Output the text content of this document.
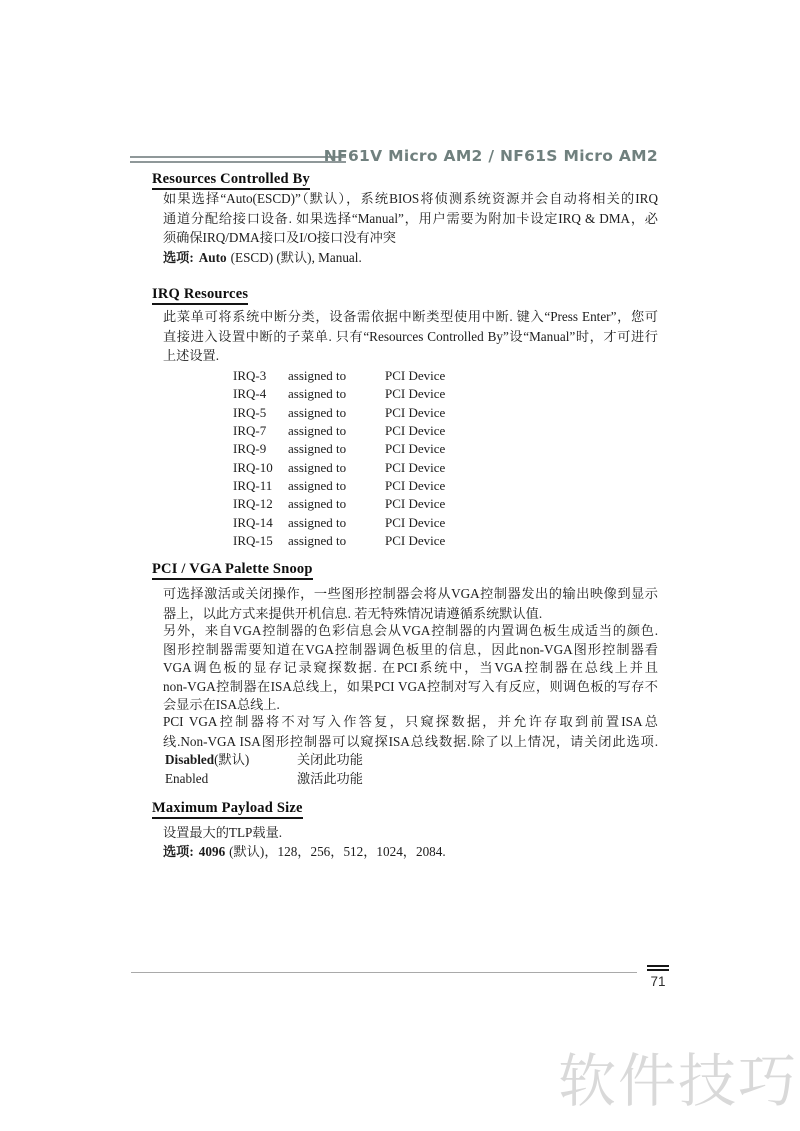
NF61V Micro AM2 / NF61S Micro AM2
Resources Controlled By
如果选择“Auto(ESCD)”（默认），系统BIOS将侦测系统资源并会自动将相关的IRQ
通道分配给接口设备. 如果选择“Manual”，用户需要为附加卡设定IRQ & DMA，必
须确保IRQ/DMA接口及I/O接口没有冲突
选项: Auto (ESCD) (默认), Manual.
IRQ Resources
此菜单可将系统中断分类，设备需依据中断类型使用中断. 键入“Press Enter”，您可
直接进入设置中断的子菜单. 只有“Resources Controlled By”设“Manual”时，才可进行
上述设置.
IRQ-3	assigned to	PCI Device
IRQ-4	assigned to	PCI Device
IRQ-5	assigned to	PCI Device
IRQ-7	assigned to	PCI Device
IRQ-9	assigned to	PCI Device
IRQ-10	assigned to	PCI Device
IRQ-11	assigned to	PCI Device
IRQ-12	assigned to	PCI Device
IRQ-14	assigned to	PCI Device
IRQ-15	assigned to	PCI Device
PCI / VGA Palette Snoop
可选择激活或关闭操作，一些图形控制器会将从VGA控制器发出的输出映像到显示
器上，以此方式来提供开机信息. 若无特殊情况请遵循系统默认值.
另外，来自VGA控制器的色彩信息会从VGA控制器的内置调色板生成适当的颜色.
图形控制器需要知道在VGA控制器调色板里的信息，因此non-VGA图形控制器看
VGA调色板的显存记录窥探数据. 在PCI系统中，当VGA控制器在总线上并且
non-VGA控制器在ISA总线上，如果PCI VGA控制对写入有反应，则调色板的写存不
会显示在ISA总线上.
PCI VGA控制器将不对写入作答复，只窥探数据，并允许存取到前置ISA总
线.Non-VGA ISA图形控制器可以窥探ISA总线数据.除了以上情况，请关闭此选项.
Disabled(默认)	关闭此功能
Enabled	激活此功能
Maximum Payload Size
设置最大的TLP载量.
选项: 4096 (默认)，128，256，512，1024，2084.
71
软件技巧
